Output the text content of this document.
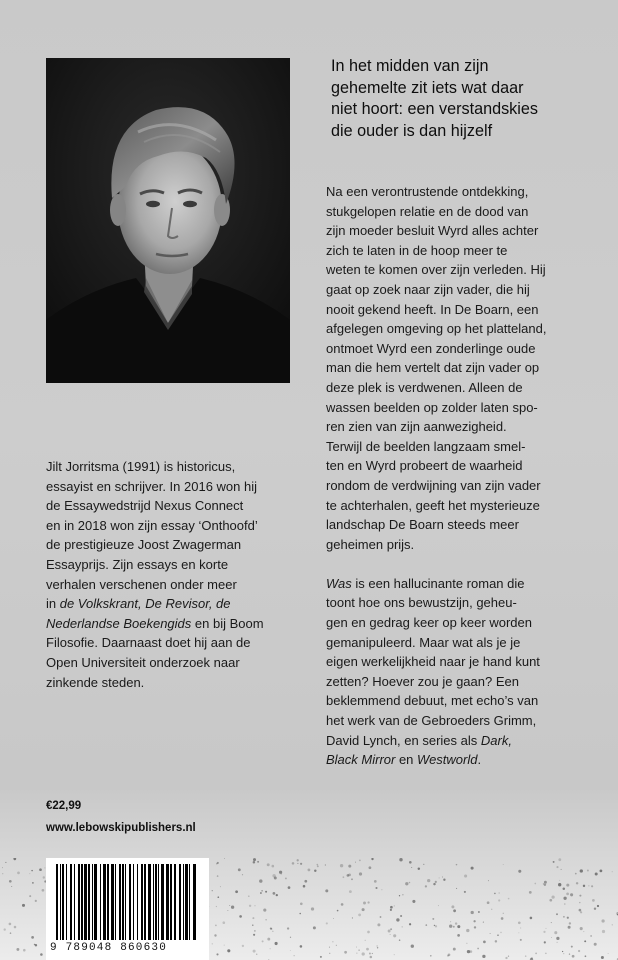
Jilt Jorritsma (1991) is historicus,
essayist en schrijver. In 2016 won hij
de Essaywedstrijd Nexus Connect
en in 2018 won zijn essay ‘Onthoofd’
de prestigieuze Joost Zwagerman
Essayprijs. Zijn essays en korte
verhalen verschenen onder meer
in de Volkskrant, De Revisor, de
Nederlandse Boekengids en bij Boom
Filosofie. Daarnaast doet hij aan de
Open Universiteit onderzoek naar
zinkende steden.
In het midden van zijn
gehemelte zit iets wat daar
niet hoort: een verstandskies
die ouder is dan hijzelf

Na een verontrustende ontdekking,
stukgelopen relatie en de dood van
zijn moeder besluit Wyrd alles achter
zich te laten in de hoop meer te
weten te komen over zijn verleden. Hij
gaat op zoek naar zijn vader, die hij
nooit gekend heeft. In De Boarn, een
afgelegen omgeving op het platteland,
ontmoet Wyrd een zonderlinge oude
man die hem vertelt dat zijn vader op
deze plek is verdwenen. Alleen de
wassen beelden op zolder laten spo-
ren zien van zijn aanwezigheid.
Terwijl de beelden langzaam smel-
ten en Wyrd probeert de waarheid
rondom de verdwijning van zijn vader
te achterhalen, geeft het mysterieuze
landschap De Boarn steeds meer
geheimen prijs.

Was is een hallucinante roman die
toont hoe ons bewustzijn, geheu-
gen en gedrag keer op keer worden
gemanipuleerd. Maar wat als je je
eigen werkelijkheid naar je hand kunt
zetten? Hoever zou je gaan? Een
beklemmend debuut, met echo’s van
het werk van de Gebroeders Grimm,
David Lynch, en series als Dark,
Black Mirror en Westworld.

€22,99
www.lebowskipublishers.nl
9 789048 860630
